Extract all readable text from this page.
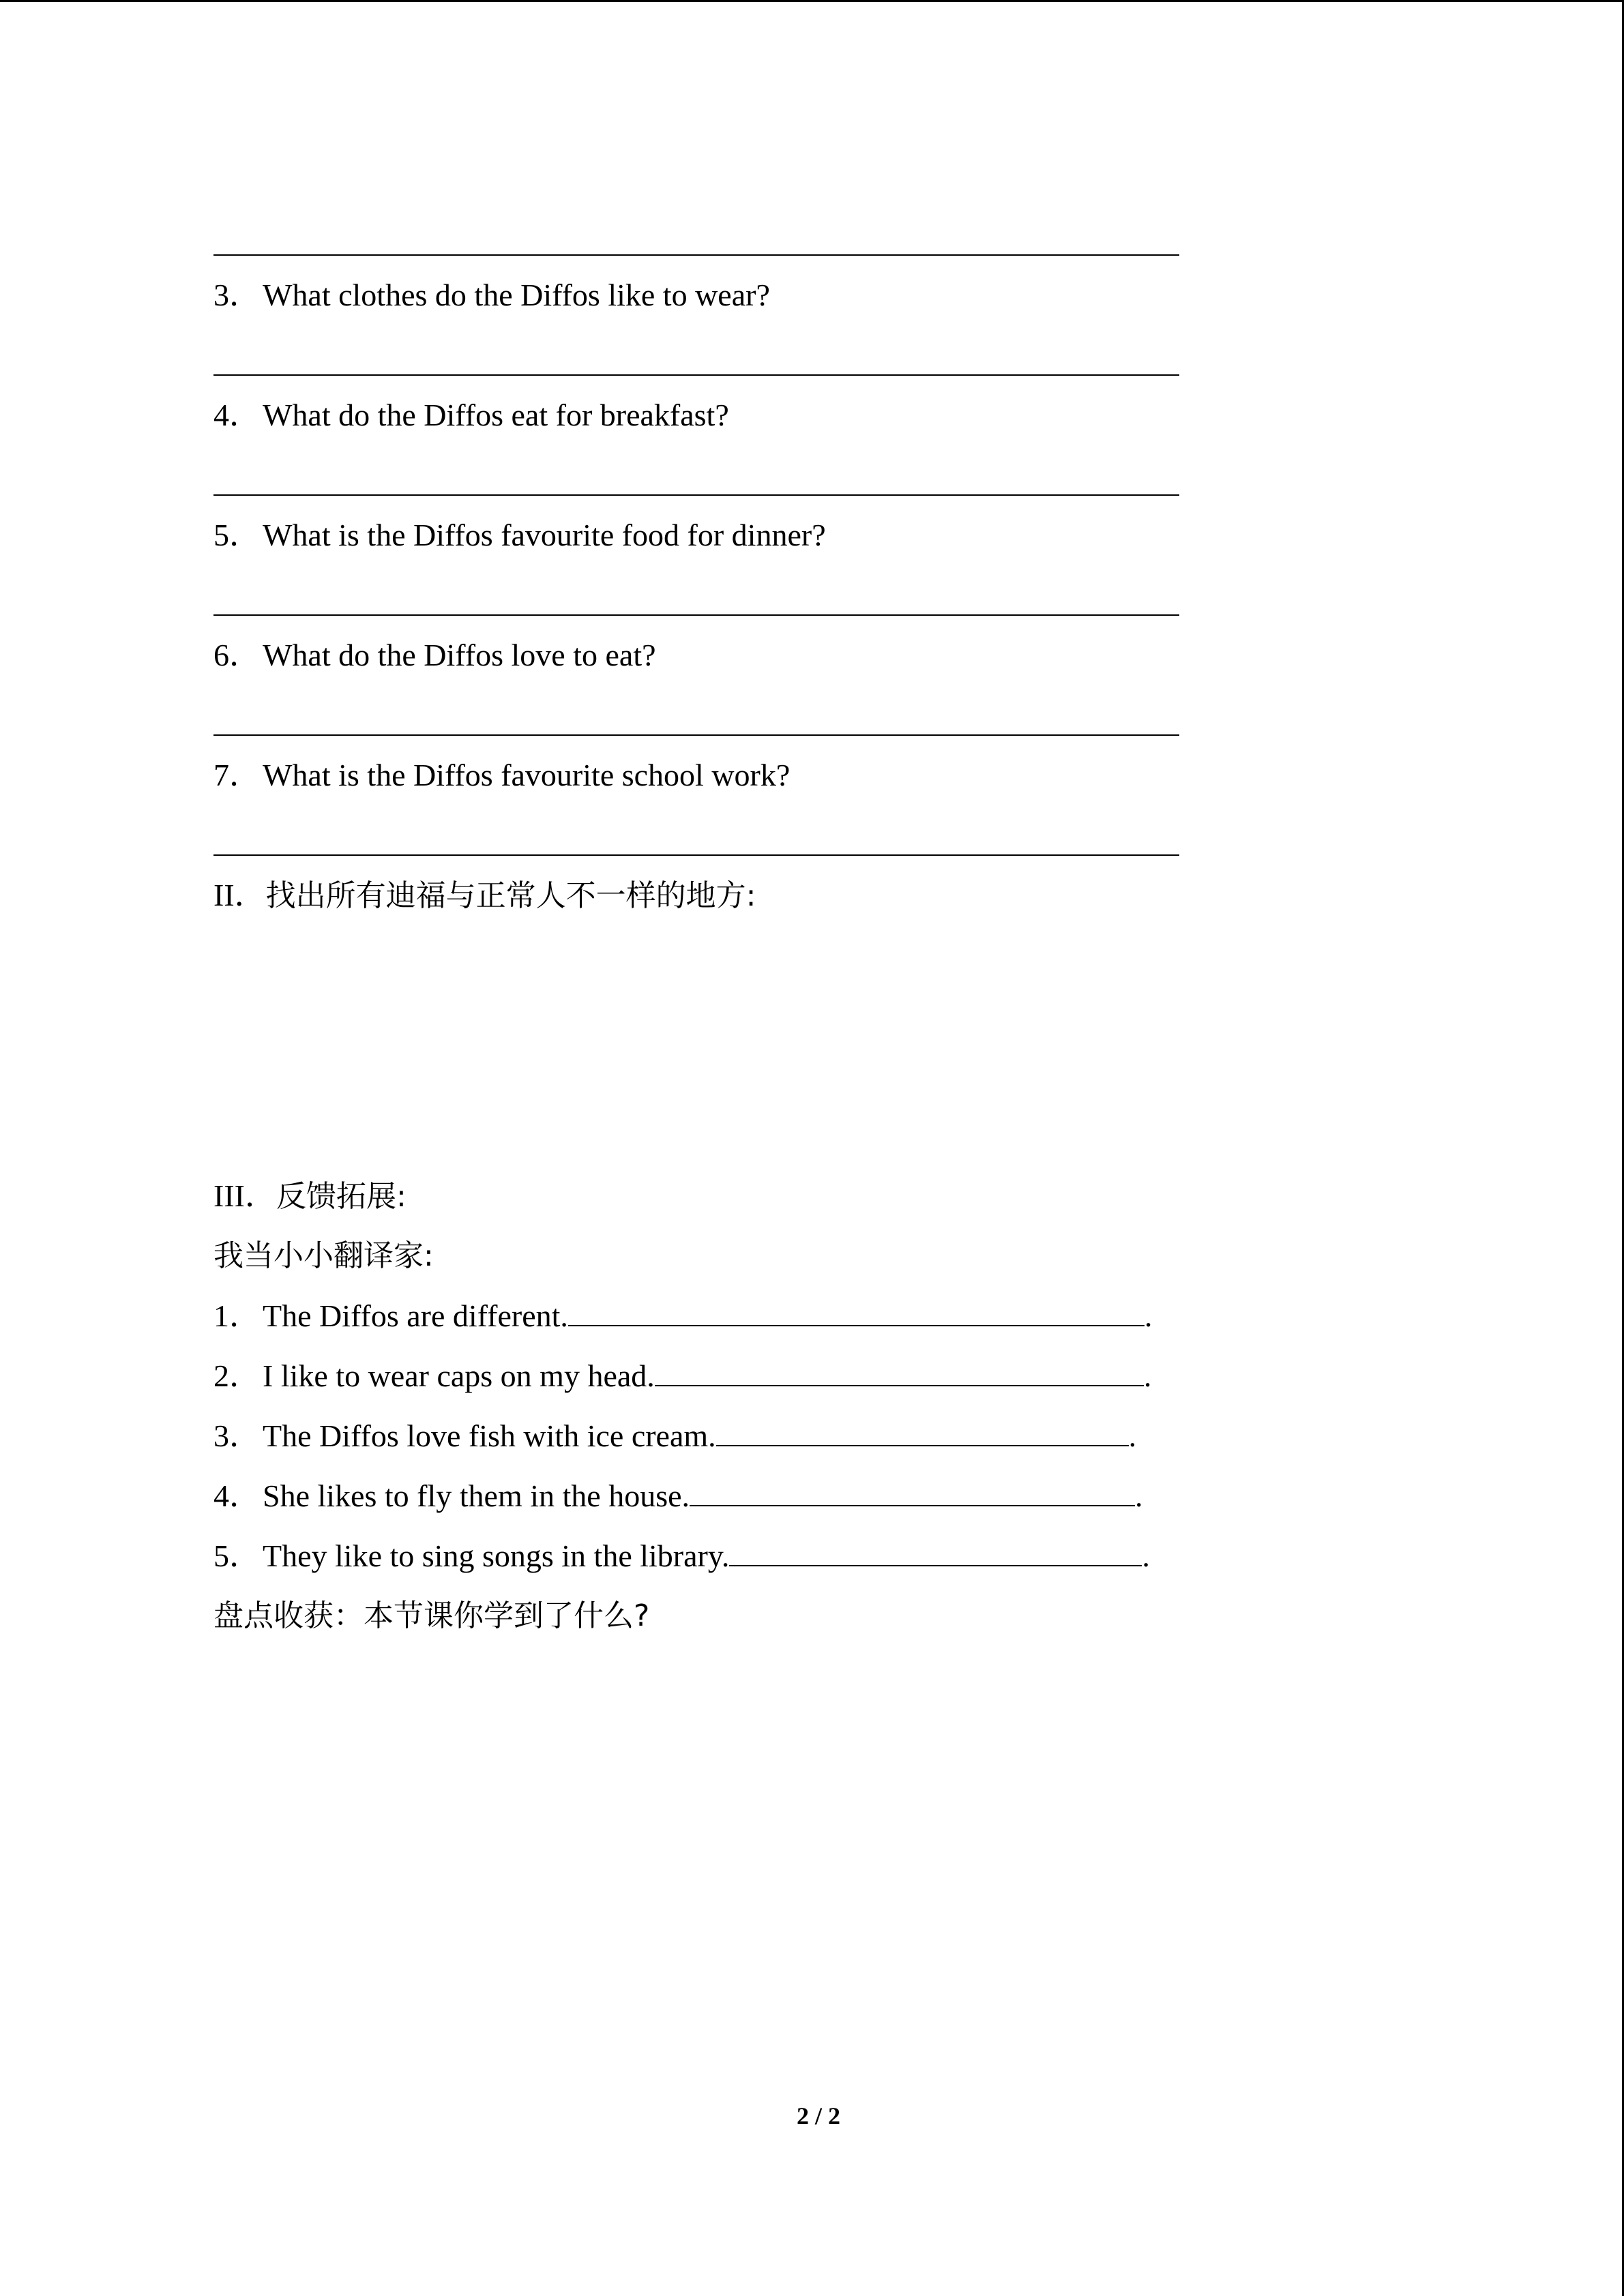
3．What clothes do the Diffos like to wear?
4．What do the Diffos eat for breakfast?
5．What is the Diffos favourite food for dinner?
6．What do the Diffos love to eat?
7．What is the Diffos favourite school work?
II．找出所有迪福与正常人不一样的地方:
III．反馈拓展:
我当小小翻译家:
1．The Diffos are different.	.
2．I like to wear caps on my head.	.
3．The Diffos love fish with ice cream.	.
4．She likes to fly them in the house.	.
5．They like to sing songs in the library.	.
盘点收获：本节课你学到了什么?
2 / 2
